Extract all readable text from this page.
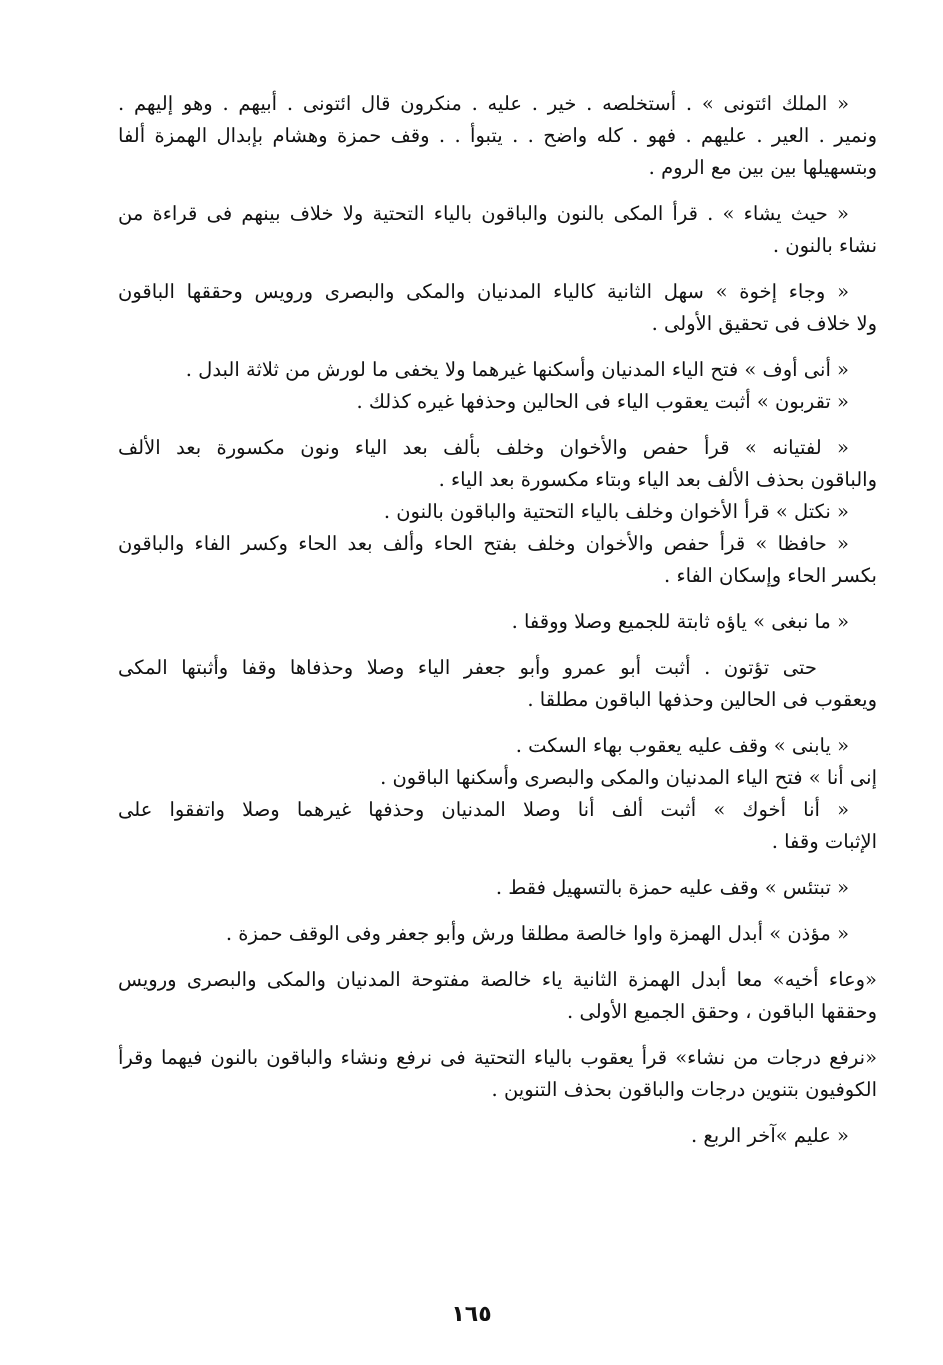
« الملك ائتونى » . أستخلصه . خير . عليه . منكرون قال ائتونى . أبيهم . وهو إليهم .
ونمير . العير . عليهم . فهو . كله واضح . . يتبوأ . . وقف حمزة وهشام بإبدال الهمزة ألفا
وبتسهيلها بين بين مع الروم .
« حيث يشاء » . قرأ المكى بالنون والباقون بالياء التحتية ولا خلاف بينهم فى قراءة من
نشاء بالنون .
« وجاء إخوة » سهل الثانية كالياء المدنيان والمكى والبصرى ورويس وحققها الباقون
ولا خلاف فى تحقيق الأولى .
« أنى أوف » فتح الياء المدنيان وأسكنها غيرهما ولا يخفى ما لورش من ثلاثة البدل .
« تقربون » أثبت يعقوب الياء فى الحالين وحذفها غيره كذلك .
« لفتيانه » قرأ حفص والأخوان وخلف بألف بعد الياء ونون مكسورة بعد الألف
والباقون بحذف الألف بعد الياء وبتاء مكسورة بعد الياء .
« نكتل » قرأ الأخوان وخلف بالياء التحتية والباقون بالنون .
« حافظا » قرأ حفص والأخوان وخلف بفتح الحاء وألف بعد الحاء وكسر الفاء والباقون
بكسر الحاء وإسكان الفاء .
« ما نبغى » ياؤه ثابتة للجميع وصلا ووقفا .
حتى تؤتون . أثبت أبو عمرو وأبو جعفر الياء وصلا وحذفاها وقفا وأثبتها المكى
ويعقوب فى الحالين وحذفها الباقون مطلقا .
« يابنى » وقف عليه يعقوب بهاء السكت .
إنى أنا » فتح الياء المدنيان والمكى والبصرى وأسكنها الباقون .
« أنا أخوك » أثبت ألف أنا وصلا المدنيان وحذفها غيرهما وصلا واتفقوا على
الإثبات وقفا .
« تبتئس » وقف عليه حمزة بالتسهيل فقط .
« مؤذن » أبدل الهمزة واوا خالصة مطلقا ورش وأبو جعفر وفى الوقف حمزة .
«وعاء أخيه» معا أبدل الهمزة الثانية ياء خالصة مفتوحة المدنيان والمكى والبصرى ورويس
وحققها الباقون ، وحقق الجميع الأولى .
«نرفع درجات من نشاء» قرأ يعقوب بالياء التحتية فى نرفع ونشاء والباقون بالنون فيهما وقرأ
الكوفيون بتنوين درجات والباقون بحذف التنوين .
« عليم »آخر الربع .
١٦٥
